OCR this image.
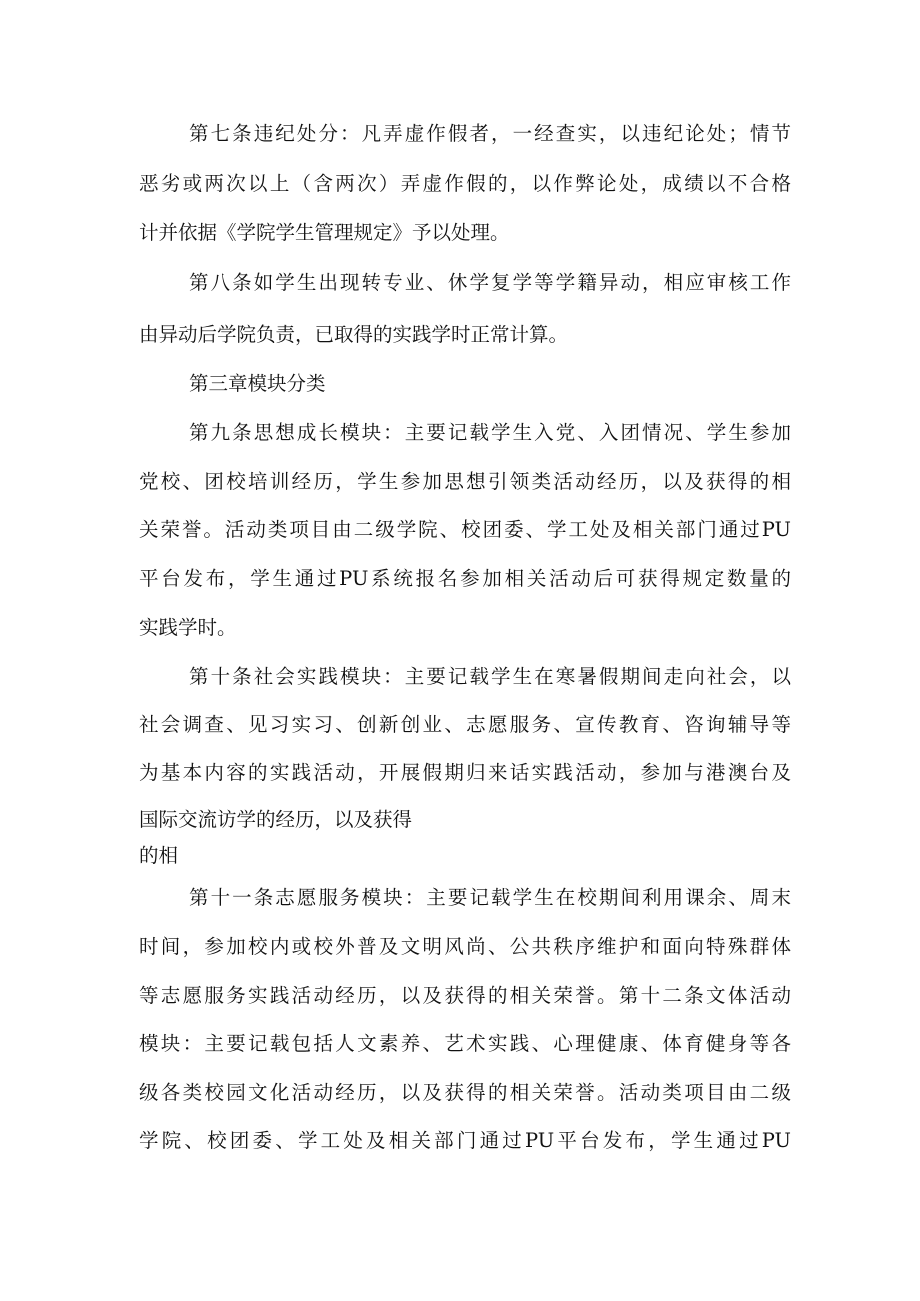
第七条违纪处分：凡弄虚作假者，一经查实，以违纪论处；情节

恶劣或两次以上（含两次）弄虚作假的，以作弊论处，成绩以不合格

计并依据《学院学生管理规定》予以处理。

第八条如学生出现转专业、休学复学等学籍异动，相应审核工作

由异动后学院负责，已取得的实践学时正常计算。

第三章模块分类

第九条思想成长模块：主要记载学生入党、入团情况、学生参加

党校、团校培训经历，学生参加思想引领类活动经历，以及获得的相

关荣誉。活动类项目由二级学院、校团委、学工处及相关部门通过PU

平台发布，学生通过PU系统报名参加相关活动后可获得规定数量的

实践学时。

第十条社会实践模块：主要记载学生在寒暑假期间走向社会，以

社会调查、见习实习、创新创业、志愿服务、宣传教育、咨询辅导等

为基本内容的实践活动，开展假期归来话实践活动，参加与港澳台及

国际交流访学的经历，以及获得

的相

第十一条志愿服务模块：主要记载学生在校期间利用课余、周末

时间，参加校内或校外普及文明风尚、公共秩序维护和面向特殊群体

等志愿服务实践活动经历，以及获得的相关荣誉。第十二条文体活动

模块：主要记载包括人文素养、艺术实践、心理健康、体育健身等各

级各类校园文化活动经历，以及获得的相关荣誉。活动类项目由二级

学院、校团委、学工处及相关部门通过PU平台发布，学生通过PU
